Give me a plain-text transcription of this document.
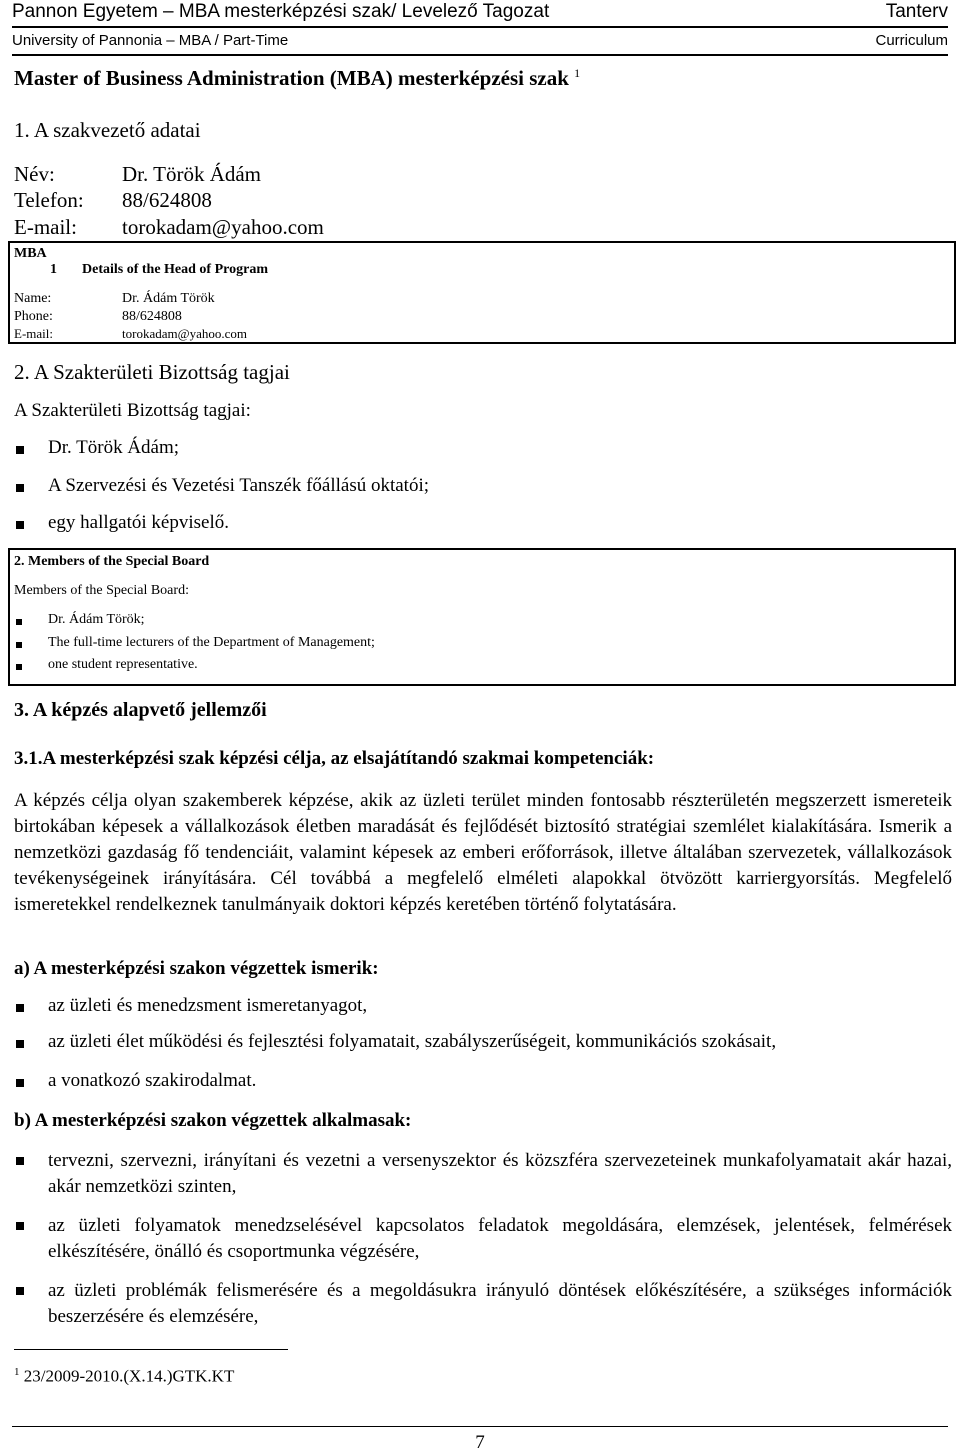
Pannon Egyetem – MBA mesterképzési szak/ Levelező Tagozat	Tanterv
University of Pannonia – MBA / Part-Time	Curriculum
Master of Business Administration (MBA) mesterképzési szak $^1$
1. A szakvezető adatai
Név:	Dr. Török Ádám
Telefon: 88/624808
E-mail: torokadam@yahoo.com
MBA
1 Details of the Head of Program
Name:	Dr. Ádám Török
Phone:	88/624808
E-mail:	torokadam@yahoo.com
2. A Szakterületi Bizottság tagjai
A Szakterületi Bizottság tagjai:
Dr. Török Ádám;
A Szervezési és Vezetési Tanszék főállású oktatói;
egy hallgatói képviselő.
2. Members of the Special Board
Members of the Special Board:
Dr. Ádám Török;
The full-time lecturers of the Department of Management;
one student representative.
3. A képzés alapvető jellemzői
3.1.A mesterképzési szak képzési célja, az elsajátítandó szakmai kompetenciák:
A képzés célja olyan szakemberek képzése, akik az üzleti terület minden fontosabb részterületén megszerzett ismereteik birtokában képesek a vállalkozások életben maradását és fejlődését biztosító stratégiai szemlélet kialakítására. Ismerik a nemzetközi gazdaság fő tendenciáit, valamint képesek az emberi erőforrások, illetve általában szervezetek, vállalkozások tevékenységeinek irányítására. Cél továbbá a megfelelő elméleti alapokkal ötvözött karriergyorsítás. Megfelelő ismeretekkel rendelkeznek tanulmányaik doktori képzés keretében történő folytatására.
a) A mesterképzési szakon végzettek ismerik:
az üzleti és menedzsment ismeretanyagot,
az üzleti élet működési és fejlesztési folyamatait, szabályszerűségeit, kommunikációs szokásait,
a vonatkozó szakirodalmat.
b) A mesterképzési szakon végzettek alkalmasak:
tervezni, szervezni, irányítani és vezetni a versenyszektor és közszféra szervezeteinek munkafolyamatait akár hazai, akár nemzetközi szinten,
az üzleti folyamatok menedzselésével kapcsolatos feladatok megoldására, elemzések, jelentések, felmérések elkészítésére, önálló és csoportmunka végzésére,
az üzleti problémák felismerésére és a megoldásukra irányuló döntések előkészítésére, a szükséges információk beszerzésére és elemzésére,
$^1$ 23/2009-2010.(X.14.)GTK.KT
7
